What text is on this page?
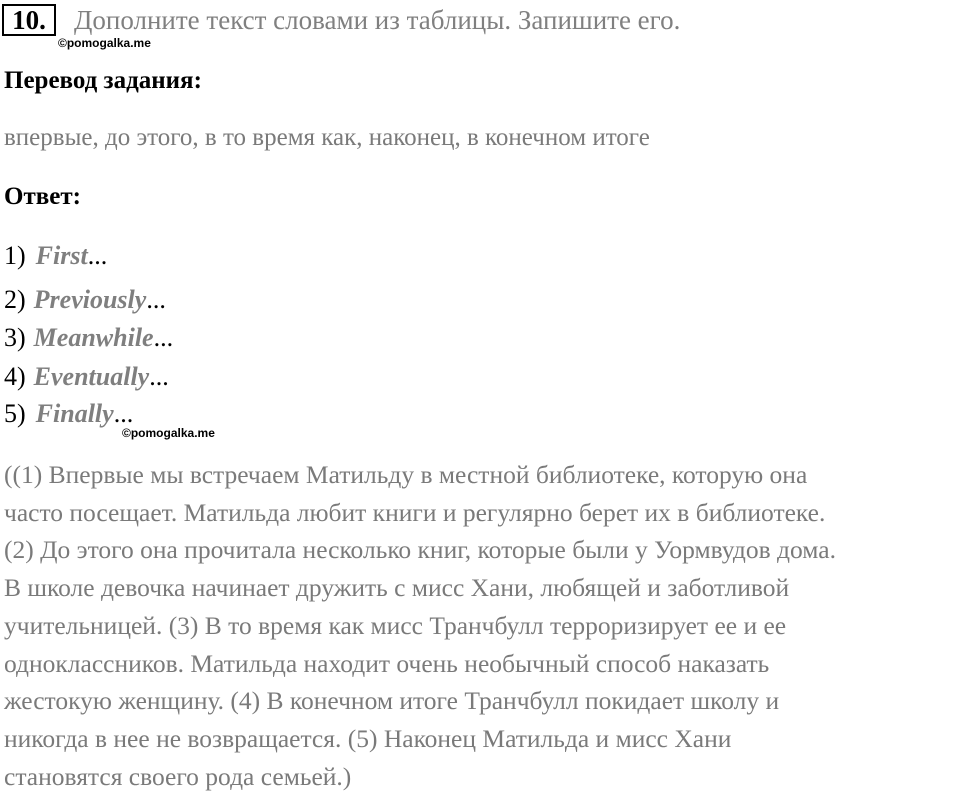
10.	Дополните текст словами из таблицы. Запишите его.
©pomogalka.me
Перевод задания:
впервые, до этого, в то время как, наконец, в конечном итоге
Ответ:
1) First...
2) Previously...
3) Meanwhile...
4) Eventually...
5) Finally...
©pomogalka.me
((1) Впервые мы встречаем Матильду в местной библиотеке, которую она
часто посещает. Матильда любит книги и регулярно берет их в библиотеке.
(2) До этого она прочитала несколько книг, которые были у Уормвудов дома.
В школе девочка начинает дружить с мисс Хани, любящей и заботливой
учительницей. (3) В то время как мисс Транчбулл терроризирует ее и ее
одноклассников. Матильда находит очень необычный способ наказать
жестокую женщину. (4) В конечном итоге Транчбулл покидает школу и
никогда в нее не возвращается. (5) Наконец Матильда и мисс Хани
становятся своего рода семьей.)
